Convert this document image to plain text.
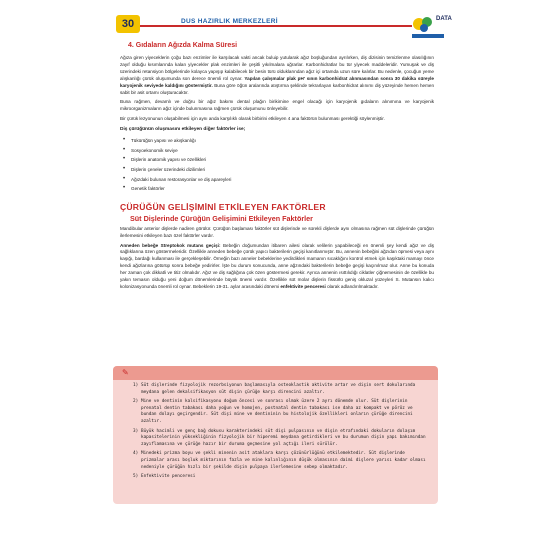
30	DUS HAZIRLIK MERKEZLERİ	DATA
4. Gıdaların Ağızda Kalma Süresi

Ağıza giren yiyeceklerin çoğu bazı enzimler ile karşılacak vakti ancak buluip yutularak ağız boşluğundan ayrılırken, diş dizisinin temizlenme olasılığının zayıf olduğu kısımlarında kalan yiyecekler plak enzimleri ile çeşitli yıkılmalara uğrarlar. Karbonhidratlar bu tür yiyecek maddeleridir. Yumuşak ve diş üzerindeki retansiyon bölgelerinde kolayca yapışıp kalabilecek bir besin türü olduklarından ağız içi ortamda uzun süre kalırlar. Bu nedenle, çocuğun yeme alışkanlığı çürük oluşumunda son derece önemli rol oynar. Yapılan çalışmalar plak pH' sının karbonhidrat alınmasından sonra 30 dakika süreyle karyojenik seviyede kaldığını göstermiştir. Buna göre öğün aralarında atıştırma şeklinde tekrarlayan karbonhidrat alınımı diş yüzeyinde hemen hemen sabit bir asit ortamı oluşturacaktır.

Buna rağmen, devamlı ve doğru bir ağız bakımı dental plağın birikimine engel olacağı için karyojenik gıdaların alınımına ve karyojenik mikroorganizmaların ağız içinde bulunmasına rağmen çürük oluşumunu önleyebilir.

Bir çürük lezyonunun oluşabilmesi için aynı anda karşılıklı olarak birbirini etkileyen 4 ana faktörün bulunması gerektiği söylenmiştir.

Diş çürüğünün oluşmasını etkileyen diğer faktörler ise;
• Tükürüğün yapısı ve akışkanlığı
• Sosyoekonomik seviye
• Dişlerin anatomik yapısı ve özellikleri
• Dişlerin çeneler üzerindeki dizilimleri
• Ağızdaki bulunan restorasyonlar ve diş apareyleri
• Genetik faktörler
ÇÜRÜĞÜN GELİŞİMİNİ ETKİLEYEN FAKTÖRLER
Süt Dişlerinde Çürüğün Gelişimini Etkileyen Faktörler

Mandibular anterior dişlerde nadiren görülür. Çürüğün başlaması faktörler süt dişlerinde ve sürekli dişlerde aynı olmasına rağmen süt dişlerinde çürüğün ilerlemesini etkileyen bazı özel faktörler vardır.

Anneden bebeğe Streptokok mutans geçişi: Bebeğin doğumundan itibaren ailesi olarak velilerin yapabileceği en önemli şey kendi ağız ve diş sağlıklarına özen göstermeleridir. Özellikle anneden bebeğe çürük yapıcı bakterilerin geçişi kanıtlanmıştır. Bu, annenin bebeğini ağzıdan öpmesi veya aynı kaşığı, bardağı kullanması ile gerçekleşebilir. Örneğin bazı anneler bebeklerine yedirdikleri mamanın sıcaklığını kontrol etmek için kaşıktaki mamayı önce kendi ağızlarına götürüp sonra bebeğe yedirirler. İşte bu durum sonucunda, anne ağzındaki bakterilerin bebeğe geçişi kaçınılmaz olur. Anne bu konuda her zaman çok dikkatli ve titiz olmalıdır. Ağız ve diş sağlığına çok özen göstermesi gerekir. Ayrıca annenin ısıttılıdığı ciklatler çiğnemesinin de özellikle bu yakın temasın olduğu yeni doğum dönemlerinde büyük önemi vardır. Özellikle süt molar dişlerin fissürlü geniş okluzal yüzeyleri S. Mutansın kalıcı kolonizasyonunda önemli rol oynar. Bebeklerin 19-31. aylar arasındaki dönemi enfektivite penceresi olarak adlandırılmaktadır.

✎
1) Süt dişlerinde fizyolojik rezorbsiyonun başlamasıyla osteoklastik aktivite artar ve dişin sert dokularında meydana gelen dekalsifikasyon süt dişin çürüğe karşı direncini azaltır.
2) Mine ve dentinin kalsifikasyonu doğum öncesi ve sonrası olmak üzere 2 ayrı dönemde olur. Süt dişlerinin prenatal dentin tabakası daha yoğun ve homojen, postnatal dentin tabakası ise daha az kompakt ve pöröz ve bundan dolayı geçirgendir. Süt dişi mine ve dentininin bu histolojik özellikleri onların çürüğe direncini azaltır.
3) Büyük hacimli ve genç bağ dokusu karakterindeki süt dişi pulpasının ve dişin etrafındaki dokuların dolaşım kapasitelerinin yüksekliğinin fizyolojik bir hiperemi meydana getirdikleri ve bu durumun dişin yapı bakımından zayıflamasına ve çürüğe hazır bir duruma geçmesine yol açtığı ileri sürülür.
4) Minedeki prizma boyu ve şekli minenin asit ataklara karşı çözünürlüğünü etkilemektedir. Süt dişlerinde prizmalar arası boşluk miktarının fazla ve mine kalınlığının düşük olmasının daimi dişlere yarısı kadar olması nedeniyle çürüğün hızlı bir şekilde dişin pulpaya ilerlemesine sebep olmaktadır.
5) Enfektivite penceresi
